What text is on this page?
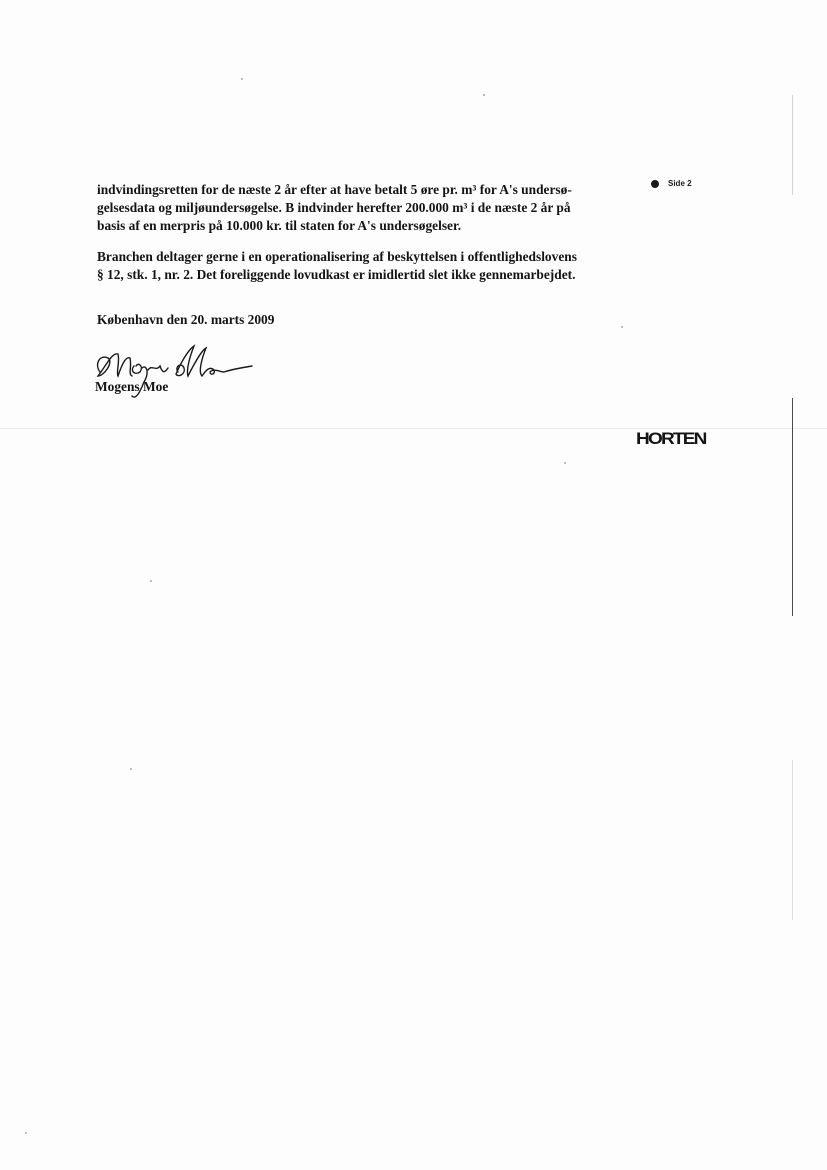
Side 2

indvindingsretten for de næste 2 år efter at have betalt 5 øre pr. m³ for A's undersø-
gelsesdata og miljøundersøgelse. B indvinder herefter 200.000 m³ i de næste 2 år på
basis af en merpris på 10.000 kr. til staten for A's undersøgelser.

Branchen deltager gerne i en operationalisering af beskyttelsen i offentlighedslovens
§ 12, stk. 1, nr. 2. Det foreliggende lovudkast er imidlertid slet ikke gennemarbejdet.

København den 20. marts 2009
Mogens Moe
HORTEN
